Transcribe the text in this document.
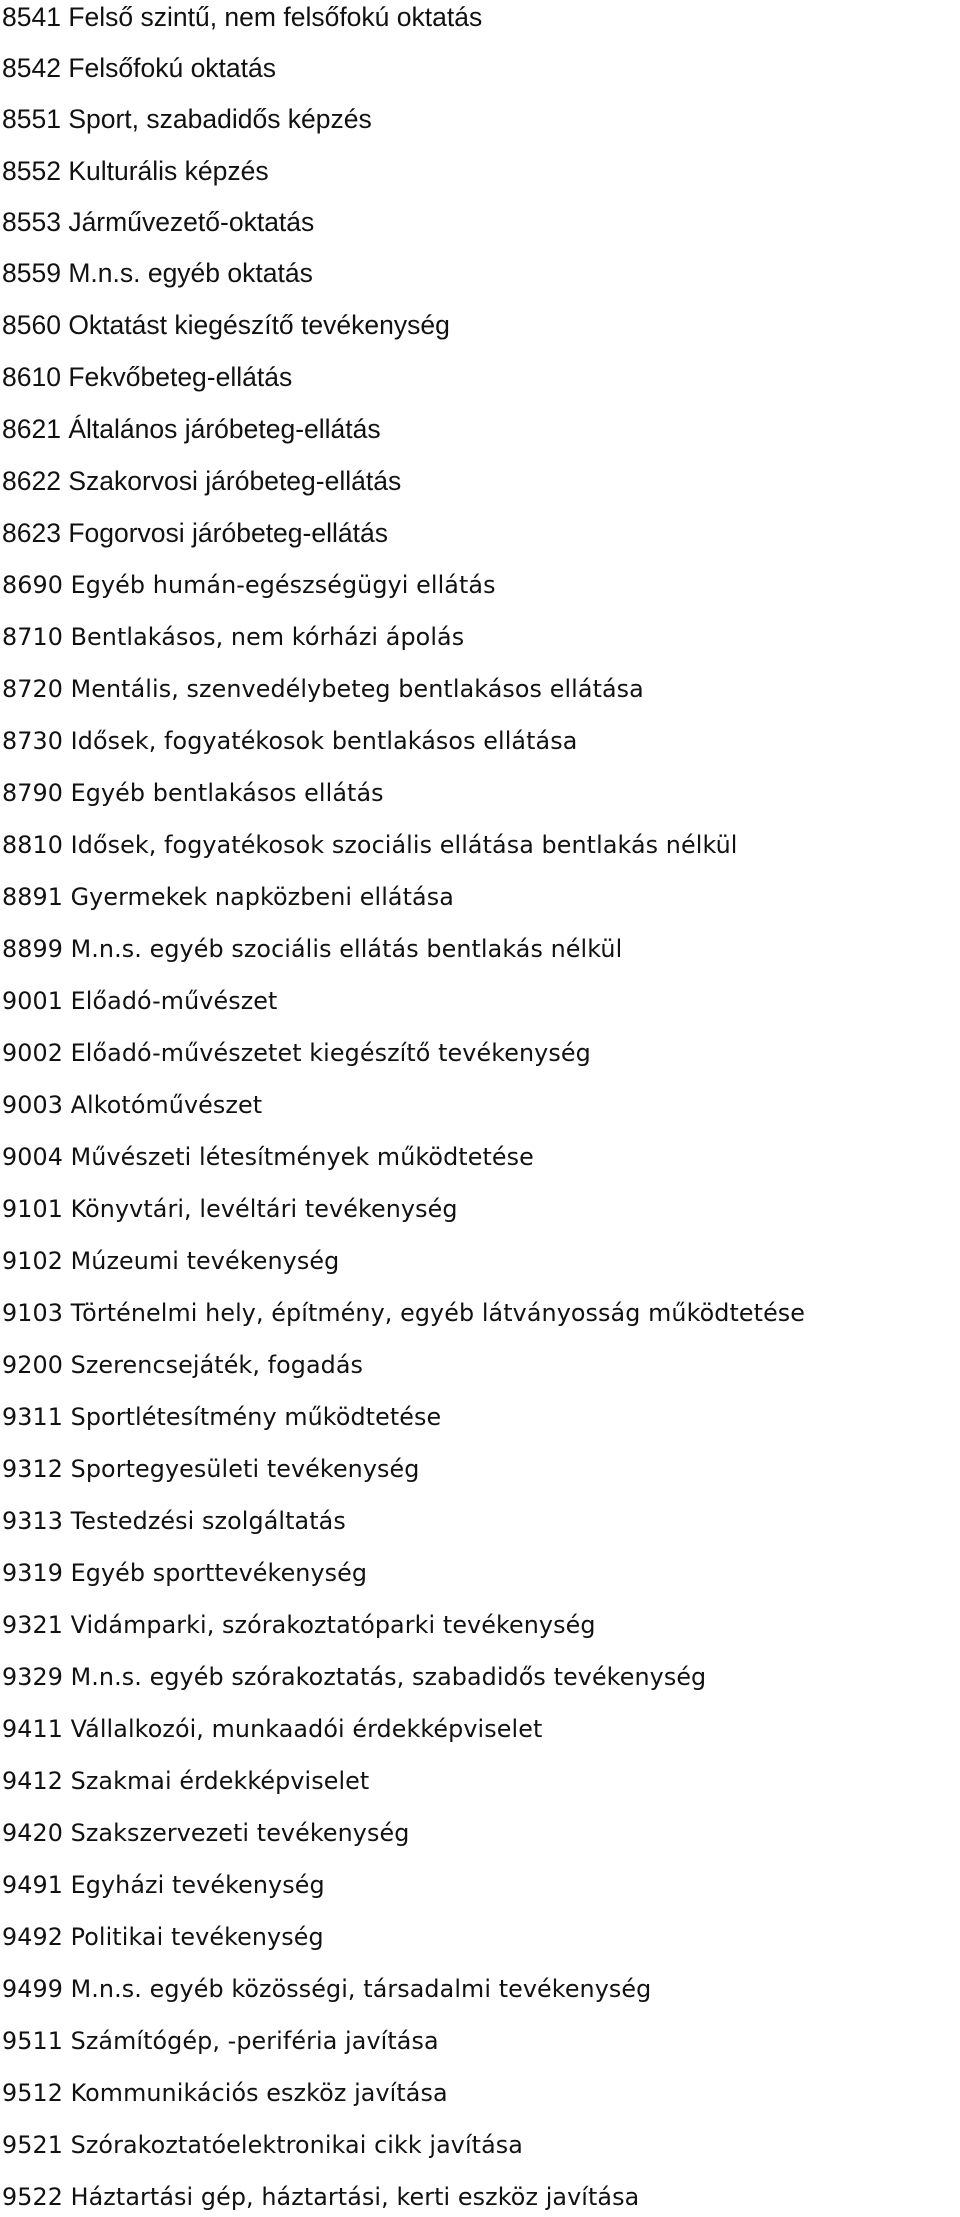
8541 Felső szintű, nem felsőfokú oktatás
8542 Felsőfokú oktatás
8551 Sport, szabadidős képzés
8552 Kulturális képzés
8553 Járművezető-oktatás
8559 M.n.s. egyéb oktatás
8560 Oktatást kiegészítő tevékenység
8610 Fekvőbeteg-ellátás
8621 Általános járóbeteg-ellátás
8622 Szakorvosi járóbeteg-ellátás
8623 Fogorvosi járóbeteg-ellátás
8690 Egyéb humán-egészségügyi ellátás
8710 Bentlakásos, nem kórházi ápolás
8720 Mentális, szenvedélybeteg bentlakásos ellátása
8730 Idősek, fogyatékosok bentlakásos ellátása
8790 Egyéb bentlakásos ellátás
8810 Idősek, fogyatékosok szociális ellátása bentlakás nélkül
8891 Gyermekek napközbeni ellátása
8899 M.n.s. egyéb szociális ellátás bentlakás nélkül
9001 Előadó-művészet
9002 Előadó-művészetet kiegészítő tevékenység
9003 Alkotóművészet
9004 Művészeti létesítmények működtetése
9101 Könyvtári, levéltári tevékenység
9102 Múzeumi tevékenység
9103 Történelmi hely, építmény, egyéb látványosság működtetése
9200 Szerencsejáték, fogadás
9311 Sportlétesítmény működtetése
9312 Sportegyesületi tevékenység
9313 Testedzési szolgáltatás
9319 Egyéb sporttevékenység
9321 Vidámparki, szórakoztatóparki tevékenység
9329 M.n.s. egyéb szórakoztatás, szabadidős tevékenység
9411 Vállalkozói, munkaadói érdekképviselet
9412 Szakmai érdekképviselet
9420 Szakszervezeti tevékenység
9491 Egyházi tevékenység
9492 Politikai tevékenység
9499 M.n.s. egyéb közösségi, társadalmi tevékenység
9511 Számítógép, -periféria javítása
9512 Kommunikációs eszköz javítása
9521 Szórakoztatóelektronikai cikk javítása
9522 Háztartási gép, háztartási, kerti eszköz javítása
